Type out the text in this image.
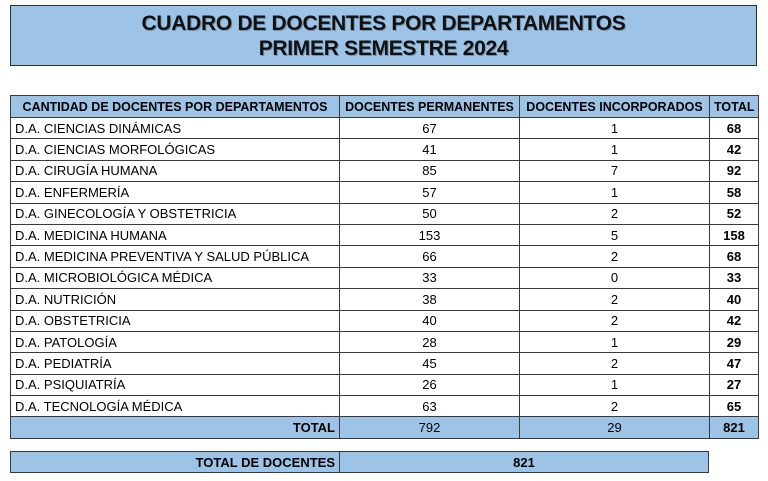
CUADRO DE DOCENTES POR DEPARTAMENTOS
PRIMER SEMESTRE 2024
CANTIDAD DE DOCENTES POR DEPARTAMENTOS	DOCENTES PERMANENTES	DOCENTES INCORPORADOS	TOTAL
D.A. CIENCIAS DINÁMICAS	67	1	68
D.A. CIENCIAS MORFOLÓGICAS	41	1	42
D.A. CIRUGÍA HUMANA	85	7	92
D.A. ENFERMERÍA	57	1	58
D.A. GINECOLOGÍA Y OBSTETRICIA	50	2	52
D.A. MEDICINA HUMANA	153	5	158
D.A. MEDICINA PREVENTIVA Y SALUD PÚBLICA	66	2	68
D.A. MICROBIOLÓGICA MÉDICA	33	0	33
D.A. NUTRICIÓN	38	2	40
D.A. OBSTETRICIA	40	2	42
D.A. PATOLOGÍA	28	1	29
D.A. PEDIATRÍA	45	2	47
D.A. PSIQUIATRÍA	26	1	27
D.A. TECNOLOGÍA MÉDICA	63	2	65
TOTAL	792	29	821
TOTAL DE DOCENTES	821
